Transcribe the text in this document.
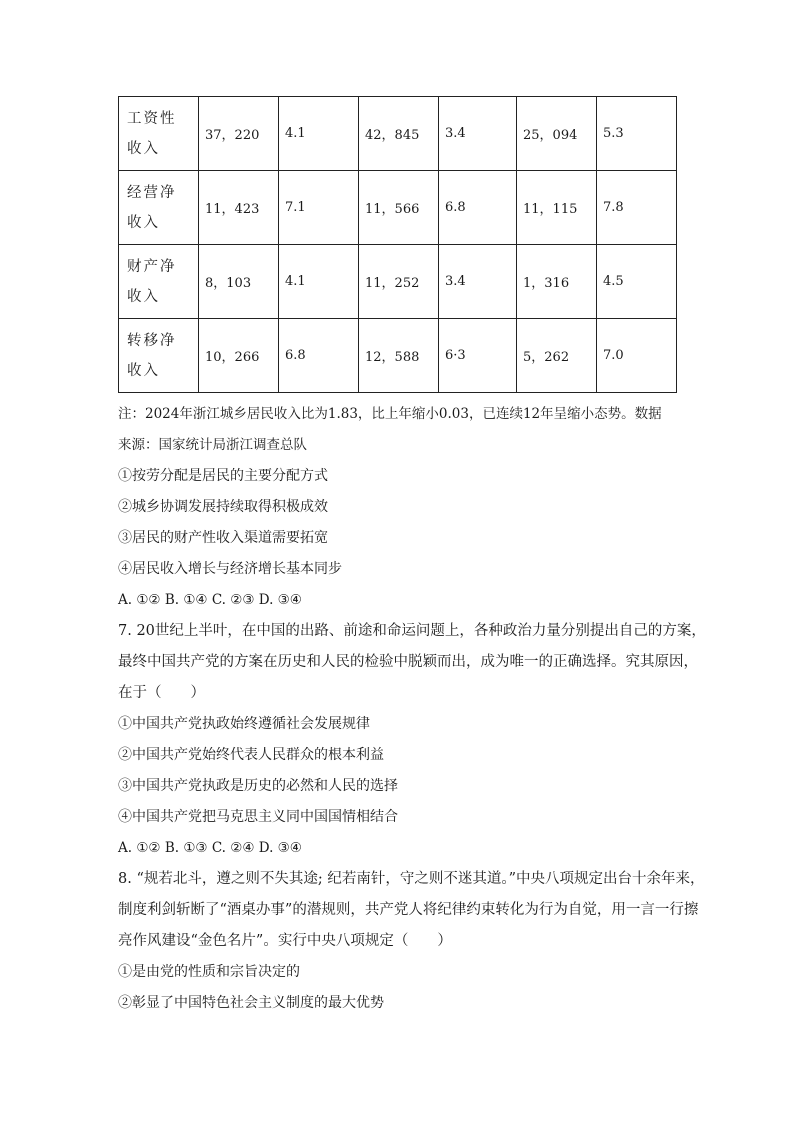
工资性收入	37，220	4.1	42，845	3.4	25，094	5.3
经营净收入	11，423	7.1	11，566	6.8	11，115	7.8
财产净收入	8，103	4.1	11，252	3.4	1，316	4.5
转移净收入	10，266	6.8	12，588	6·3	5，262	7.0
注：2024年浙江城乡居民收入比为1.83，比上年缩小0.03，已连续12年呈缩小态势。数据
来源：国家统计局浙江调查总队
①按劳分配是居民的主要分配方式
②城乡协调发展持续取得积极成效
③居民的财产性收入渠道需要拓宽
④居民收入增长与经济增长基本同步
A. ①② B. ①④ C. ②③ D. ③④
7. 20世纪上半叶，在中国的出路、前途和命运问题上，各种政治力量分别提出自己的方案，
最终中国共产党的方案在历史和人民的检验中脱颖而出，成为唯一的正确选择。究其原因，
在于（　　）
①中国共产党执政始终遵循社会发展规律
②中国共产党始终代表人民群众的根本利益
③中国共产党执政是历史的必然和人民的选择
④中国共产党把马克思主义同中国国情相结合
A. ①② B. ①③ C. ②④ D. ③④
8. “规若北斗，遵之则不失其途; 纪若南针，守之则不迷其道。”中央八项规定出台十余年来，
制度利剑斩断了“酒桌办事”的潜规则，共产党人将纪律约束转化为行为自觉，用一言一行擦
亮作风建设“金色名片”。实行中央八项规定（　　）
①是由党的性质和宗旨决定的
②彰显了中国特色社会主义制度的最大优势
